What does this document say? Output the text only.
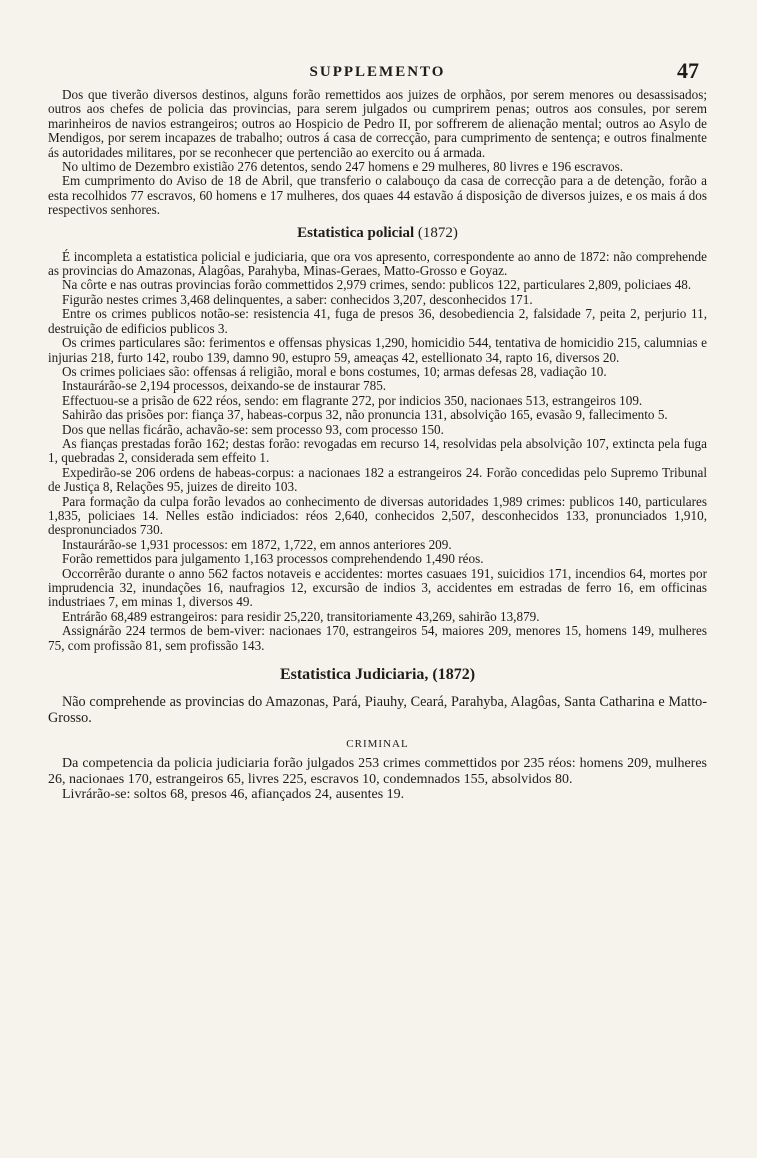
SUPPLEMENTO	47

Dos que tiverão diversos destinos, alguns forão remettidos aos juizes de orphãos, por serem menores ou desassisados; outros aos chefes de policia das provincias, para serem julgados ou cumprirem penas; outros aos consules, por serem marinheiros de navios estrangeiros; outros ao Hospicio de Pedro II, por soffrerem de alienação mental; outros ao Asylo de Mendigos, por serem incapazes de trabalho; outros á casa de correcção, para cumprimento de sentença; e outros finalmente ás autoridades militares, por se reconhecer que pertencião ao exercito ou á armada.

No ultimo de Dezembro existião 276 detentos, sendo 247 homens e 29 mulheres, 80 livres e 196 escravos.

Em cumprimento do Aviso de 18 de Abril, que transferio o calabouço da casa de correcção para a de detenção, forão a esta recolhidos 77 escravos, 60 homens e 17 mulheres, dos quaes 44 estavão á disposição de diversos juizes, e os mais á dos respectivos senhores.

Estatistica policial (1872)

É incompleta a estatistica policial e judiciaria, que ora vos apresento, correspondente ao anno de 1872: não comprehende as provincias do Amazonas, Alagôas, Parahyba, Minas-Geraes, Matto-Grosso e Goyaz.

Na côrte e nas outras provincias forão commettidos 2,979 crimes, sendo: publicos 122, particulares 2,809, policiaes 48.

Figurão nestes crimes 3,468 delinquentes, a saber: conhecidos 3,207, desconhecidos 171.

Entre os crimes publicos notão-se: resistencia 41, fuga de presos 36, desobediencia 2, falsidade 7, peita 2, perjurio 11, destruição de edificios publicos 3.

Os crimes particulares são: ferimentos e offensas physicas 1,290, homicidio 544, tentativa de homicidio 215, calumnias e injurias 218, furto 142, roubo 139, damno 90, estupro 59, ameaças 42, estellionato 34, rapto 16, diversos 20.

Os crimes policiaes são: offensas á religião, moral e bons costumes, 10; armas defesas 28, vadiação 10.

Instaurárão-se 2,194 processos, deixando-se de instaurar 785.

Effectuou-se a prisão de 622 réos, sendo: em flagrante 272, por indicios 350, nacionaes 513, estrangeiros 109.

Sahirão das prisões por: fiança 37, habeas-corpus 32, não pronuncia 131, absolvição 165, evasão 9, fallecimento 5.

Dos que nellas ficárão, achavão-se: sem processo 93, com processo 150.

As fianças prestadas forão 162; destas forão: revogadas em recurso 14, resolvidas pela absolvição 107, extincta pela fuga 1, quebradas 2, considerada sem effeito 1.

Expedirão-se 206 ordens de habeas-corpus: a nacionaes 182 a estrangeiros 24. Forão concedidas pelo Supremo Tribunal de Justiça 8, Relações 95, juizes de direito 103.

Para formação da culpa forão levados ao conhecimento de diversas autoridades 1,989 crimes: publicos 140, particulares 1,835, policiaes 14. Nelles estão indiciados: réos 2,640, conhecidos 2,507, desconhecidos 133, pronunciados 1,910, despronunciados 730.

Instaurárão-se 1,931 processos: em 1872, 1,722, em annos anteriores 209.

Forão remettidos para julgamento 1,163 processos comprehendendo 1,490 réos.

Occorrêrão durante o anno 562 factos notaveis e accidentes: mortes casuaes 191, suicidios 171, incendios 64, mortes por imprudencia 32, inundações 16, naufragios 12, excursão de indios 3, accidentes em estradas de ferro 16, em officinas industriaes 7, em minas 1, diversos 49.

Entrárão 68,489 estrangeiros: para residir 25,220, transitoriamente 43,269, sahirão 13,879.

Assignárão 224 termos de bem-viver: nacionaes 170, estrangeiros 54, maiores 209, menores 15, homens 149, mulheres 75, com profissão 81, sem profissão 143.

Estatistica Judiciaria, (1872)

Não comprehende as provincias do Amazonas, Pará, Piauhy, Ceará, Parahyba, Alagôas, Santa Catharina e Matto-Grosso.

CRIMINAL

Da competencia da policia judiciaria forão julgados 253 crimes commettidos por 235 réos: homens 209, mulheres 26, nacionaes 170, estrangeiros 65, livres 225, escravos 10, condemnados 155, absolvidos 80.

Livrárão-se: soltos 68, presos 46, afiançados 24, ausentes 19.
